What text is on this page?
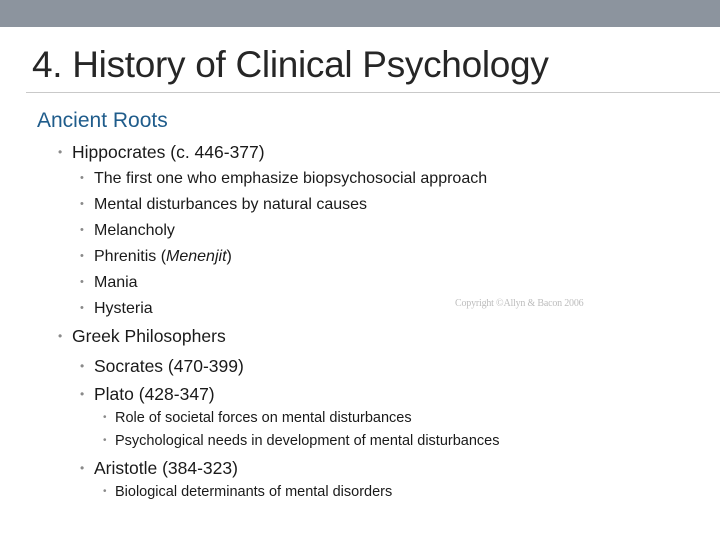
4. History of Clinical Psychology
Ancient Roots
• Hippocrates (c. 446-377)
• The first one who emphasize biopsychosocial approach
• Mental disturbances by natural causes
• Melancholy
• Phrenitis (Menenjit)
• Mania
• Hysteria	Copyright ©Allyn & Bacon 2006
• Greek Philosophers
• Socrates (470-399)
• Plato (428-347)
• Role of societal forces on mental disturbances
• Psychological needs in development of mental disturbances
• Aristotle (384-323)
• Biological determinants of mental disorders
